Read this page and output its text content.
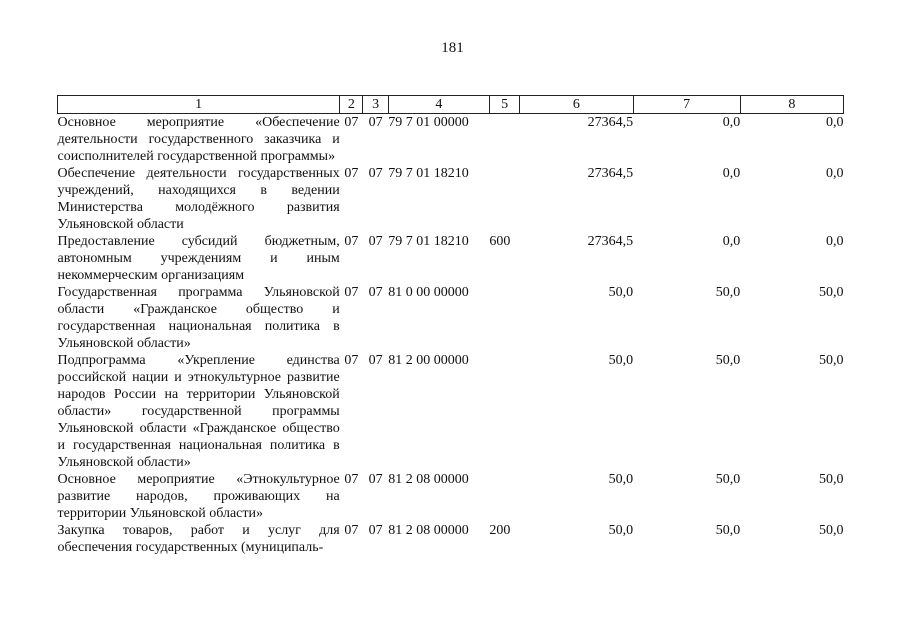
181
1	2	3	4	5	6	7	8
Основное мероприятие «Обеспечение деятельности государственного заказчика и соисполнителей государственной программы»	07	07	79 7 01 00000		27364,5	0,0	0,0
Обеспечение деятельности государственных учреждений, находящихся в ведении Министерства молодёжного развития Ульяновской области	07	07	79 7 01 18210		27364,5	0,0	0,0
Предоставление субсидий бюджетным, автономным учреждениям и иным некоммерческим организациям	07	07	79 7 01 18210	600	27364,5	0,0	0,0
Государственная программа Ульяновской области «Гражданское общество и государственная национальная политика в Ульяновской области»	07	07	81 0 00 00000		50,0	50,0	50,0
Подпрограмма «Укрепление единства российской нации и этнокультурное развитие народов России на территории Ульяновской области» государственной программы Ульяновской области «Гражданское общество и государственная национальная политика в Ульяновской области»	07	07	81 2 00 00000		50,0	50,0	50,0
Основное мероприятие «Этнокультурное развитие народов, проживающих на территории Ульяновской области»	07	07	81 2 08 00000		50,0	50,0	50,0
Закупка товаров, работ и услуг для обеспечения государственных (муниципаль-	07	07	81 2 08 00000	200	50,0	50,0	50,0
